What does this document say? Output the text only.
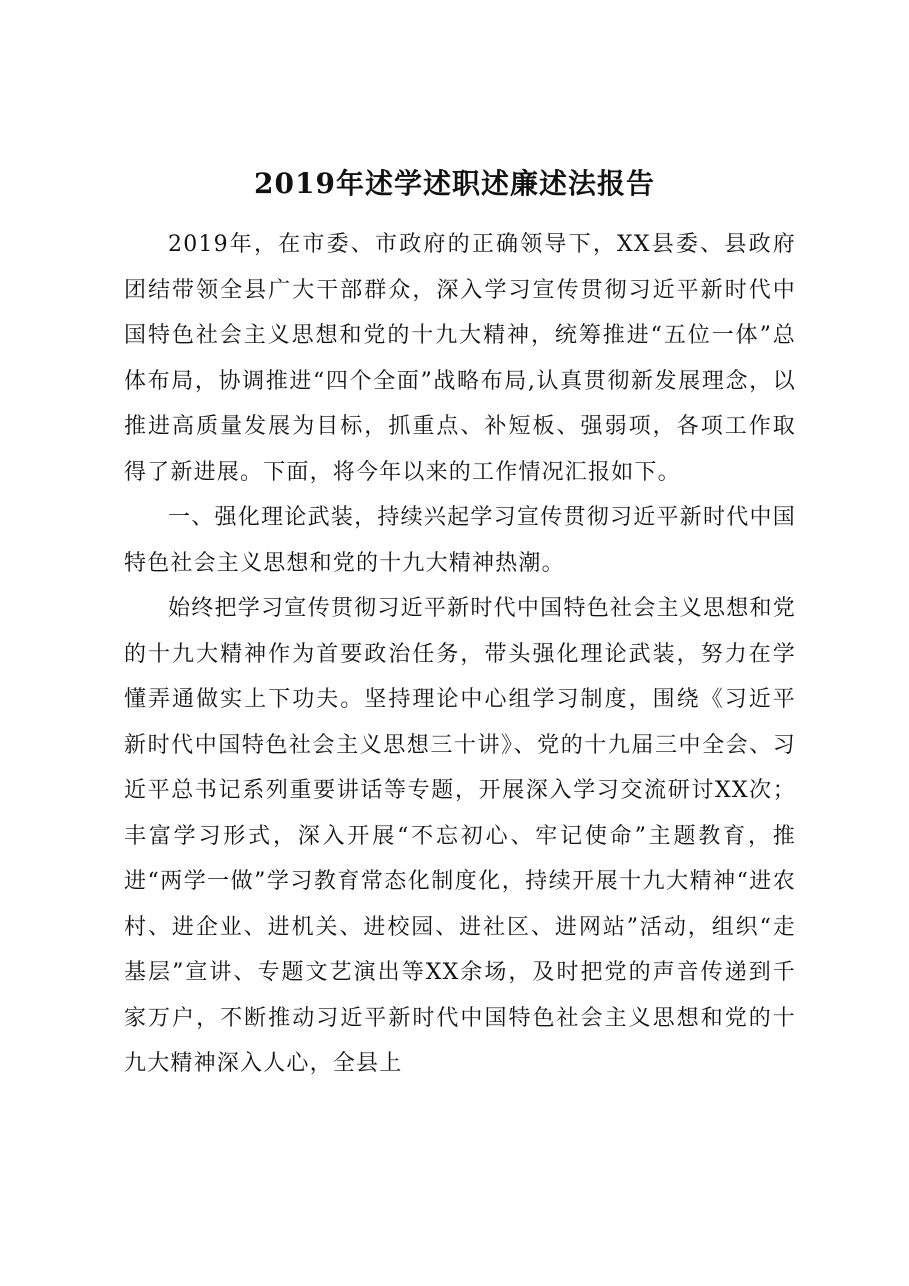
2019年述学述职述廉述法报告

2019年，在市委、市政府的正确领导下，XX县委、县政府团结带领全县广大干部群众，深入学习宣传贯彻习近平新时代中国特色社会主义思想和党的十九大精神，统筹推进“五位一体”总体布局，协调推进“四个全面”战略布局,认真贯彻新发展理念，以推进高质量发展为目标，抓重点、补短板、强弱项，各项工作取得了新进展。下面，将今年以来的工作情况汇报如下。

一、强化理论武装，持续兴起学习宣传贯彻习近平新时代中国特色社会主义思想和党的十九大精神热潮。

始终把学习宣传贯彻习近平新时代中国特色社会主义思想和党的十九大精神作为首要政治任务，带头强化理论武装，努力在学懂弄通做实上下功夫。坚持理论中心组学习制度，围绕《习近平新时代中国特色社会主义思想三十讲》、党的十九届三中全会、习近平总书记系列重要讲话等专题，开展深入学习交流研讨XX次；丰富学习形式，深入开展“不忘初心、牢记使命”主题教育，推进“两学一做”学习教育常态化制度化，持续开展十九大精神“进农村、进企业、进机关、进校园、进社区、进网站”活动，组织“走基层”宣讲、专题文艺演出等XX余场，及时把党的声音传递到千家万户，不断推动习近平新时代中国特色社会主义思想和党的十九大精神深入人心，全县上
